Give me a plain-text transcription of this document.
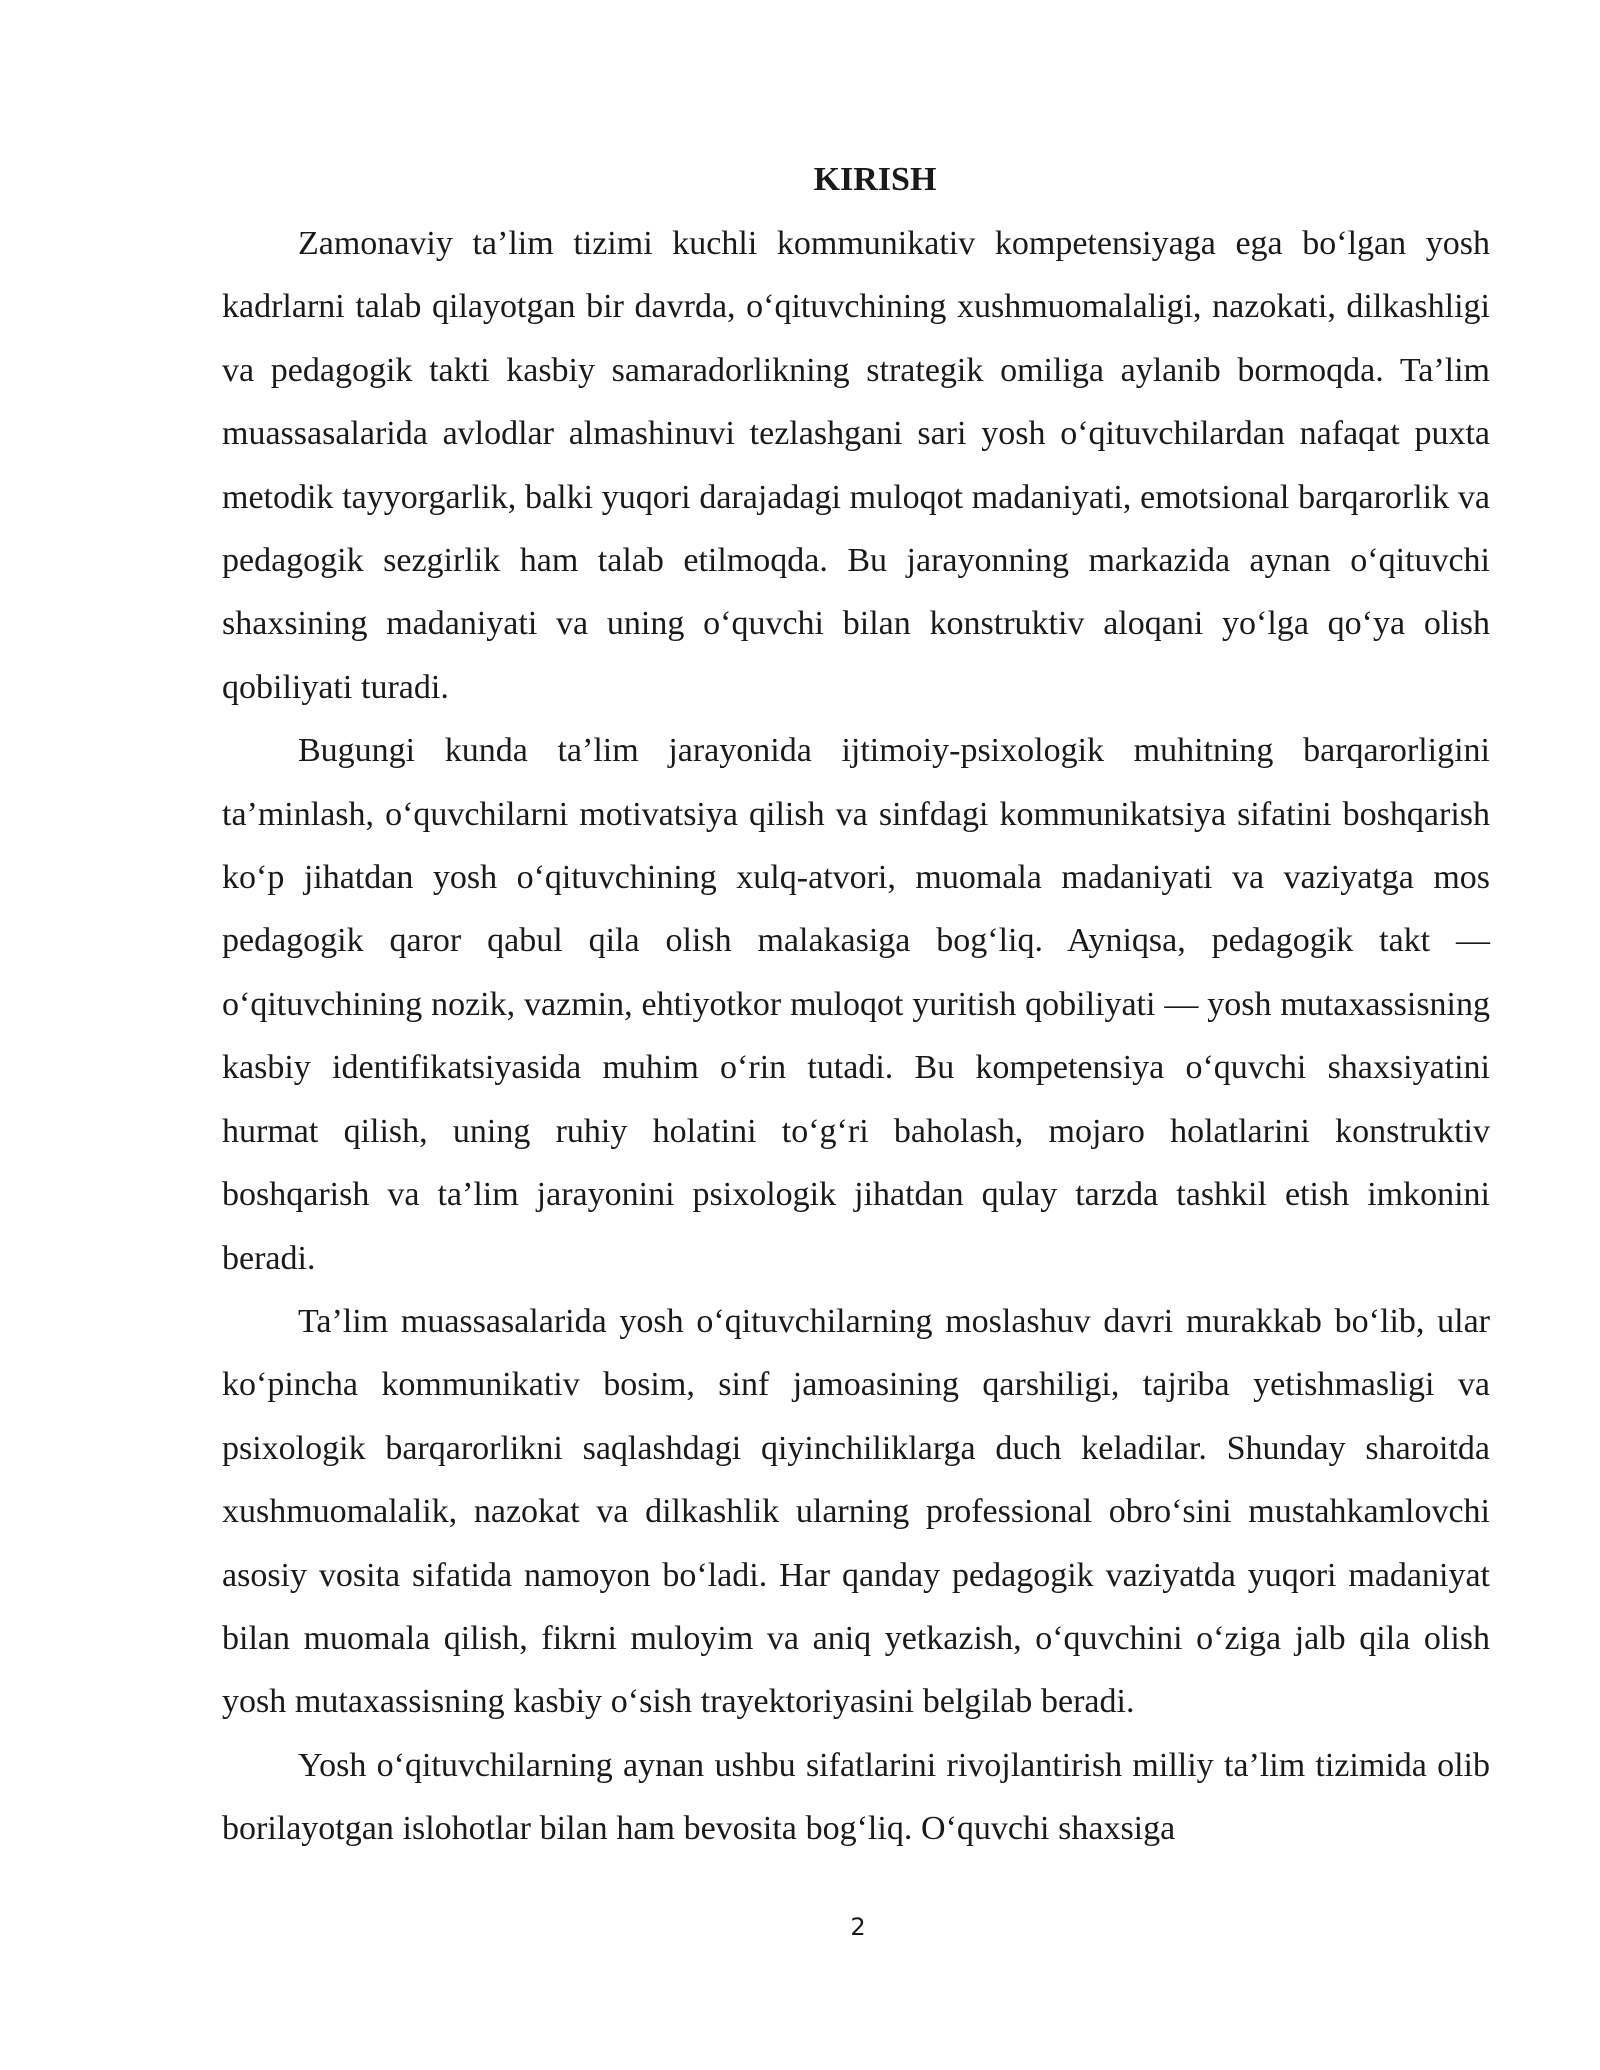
KIRISH

Zamonaviy ta’lim tizimi kuchli kommunikativ kompetensiyaga ega bo‘lgan yosh kadrlarni talab qilayotgan bir davrda, o‘qituvchining xushmuomalaligi, nazokati, dilkashligi va pedagogik takti kasbiy samaradorlikning strategik omiliga aylanib bormoqda. Ta’lim muassasalarida avlodlar almashinuvi tezlashgani sari yosh o‘qituvchilardan nafaqat puxta metodik tayyorgarlik, balki yuqori darajadagi muloqot madaniyati, emotsional barqarorlik va pedagogik sezgirlik ham talab etilmoqda. Bu jarayonning markazida aynan o‘qituvchi shaxsining madaniyati va uning o‘quvchi bilan konstruktiv aloqani yo‘lga qo‘ya olish qobiliyati turadi.

Bugungi kunda ta’lim jarayonida ijtimoiy-psixologik muhitning barqarorligini ta’minlash, o‘quvchilarni motivatsiya qilish va sinfdagi kommunikatsiya sifatini boshqarish ko‘p jihatdan yosh o‘qituvchining xulq-atvori, muomala madaniyati va vaziyatga mos pedagogik qaror qabul qila olish malakasiga bog‘liq. Ayniqsa, pedagogik takt — o‘qituvchining nozik, vazmin, ehtiyotkor muloqot yuritish qobiliyati — yosh mutaxassisning kasbiy identifikatsiyasida muhim o‘rin tutadi. Bu kompetensiya o‘quvchi shaxsiyatini hurmat qilish, uning ruhiy holatini to‘g‘ri baholash, mojaro holatlarini konstruktiv boshqarish va ta’lim jarayonini psixologik jihatdan qulay tarzda tashkil etish imkonini beradi.

Ta’lim muassasalarida yosh o‘qituvchilarning moslashuv davri murakkab bo‘lib, ular ko‘pincha kommunikativ bosim, sinf jamoasining qarshiligi, tajriba yetishmasligi va psixologik barqarorlikni saqlashdagi qiyinchiliklarga duch keladilar. Shunday sharoitda xushmuomalalik, nazokat va dilkashlik ularning professional obro‘sini mustahkamlovchi asosiy vosita sifatida namoyon bo‘ladi. Har qanday pedagogik vaziyatda yuqori madaniyat bilan muomala qilish, fikrni muloyim va aniq yetkazish, o‘quvchini o‘ziga jalb qila olish yosh mutaxassisning kasbiy o‘sish trayektoriyasini belgilab beradi.

Yosh o‘qituvchilarning aynan ushbu sifatlarini rivojlantirish milliy ta’lim tizimida olib borilayotgan islohotlar bilan ham bevosita bog‘liq. O‘quvchi shaxsiga

2
